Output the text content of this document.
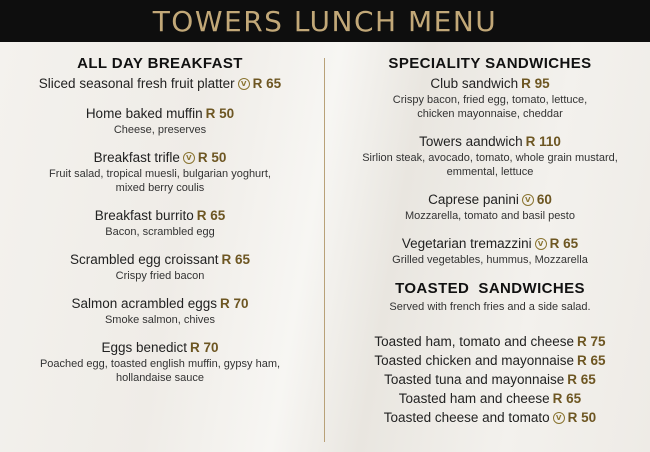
TOWERS LUNCH MENU
ALL DAY BREAKFAST
Sliced seasonal fresh fruit platter V R 65
Home baked muffin R 50
Cheese, preserves
Breakfast trifle V R 50
Fruit salad, tropical muesli, bulgarian yoghurt,
mixed berry coulis
Breakfast burrito R 65
Bacon, scrambled egg
Scrambled egg croissant R 65
Crispy fried bacon
Salmon acrambled eggs R 70
Smoke salmon, chives
Eggs benedict R 70
Poached egg, toasted english muffin, gypsy ham,
hollandaise sauce
SPECIALITY SANDWICHES
Club sandwich R 95
Crispy bacon, fried egg, tomato, lettuce,
chicken mayonnaise, cheddar
Towers aandwich R 110
Sirlion steak, avocado, tomato, whole grain mustard,
emmental, lettuce
Caprese panini V 60
Mozzarella, tomato and basil pesto
Vegetarian tremazzini V R 65
Grilled vegetables, hummus, Mozzarella
TOASTED  SANDWICHES
Served with french fries and a side salad.
Toasted ham, tomato and cheese R 75
Toasted chicken and mayonnaise R 65
Toasted tuna and mayonnaise R 65
Toasted ham and cheese R 65
Toasted cheese and tomato V R 50
